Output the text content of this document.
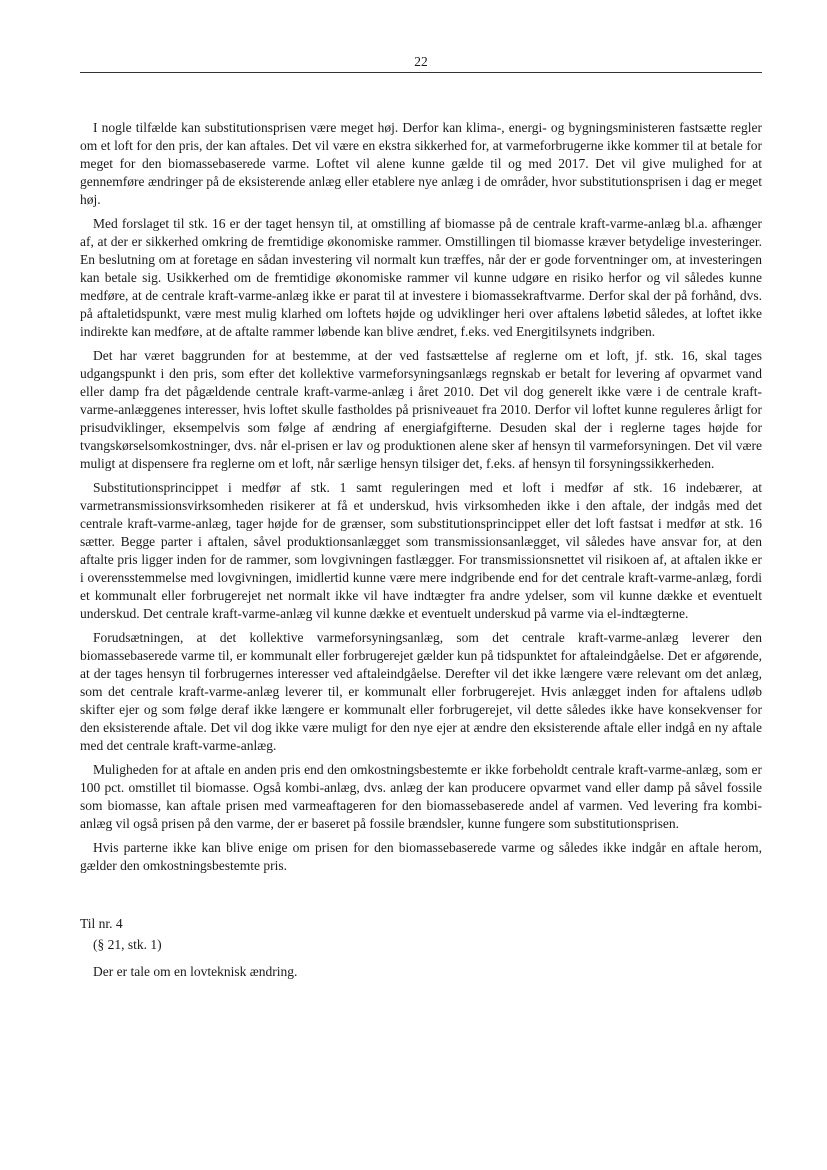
22

I nogle tilfælde kan substitutionsprisen være meget høj. Derfor kan klima-, energi- og bygningsministeren fastsætte regler om et loft for den pris, der kan aftales. Det vil være en ekstra sikkerhed for, at varmeforbrugerne ikke kommer til at betale for meget for den biomassebaserede varme. Loftet vil alene kunne gælde til og med 2017. Det vil give mulighed for at gennemføre ændringer på de eksisterende anlæg eller etablere nye anlæg i de områder, hvor substitutionsprisen i dag er meget høj.

Med forslaget til stk. 16 er der taget hensyn til, at omstilling af biomasse på de centrale kraft-varme-anlæg bl.a. afhænger af, at der er sikkerhed omkring de fremtidige økonomiske rammer. Omstillingen til biomasse kræver betydelige investeringer. En beslutning om at foretage en sådan investering vil normalt kun træffes, når der er gode forventninger om, at investeringen kan betale sig. Usikkerhed om de fremtidige økonomiske rammer vil kunne udgøre en risiko herfor og vil således kunne medføre, at de centrale kraft-varme-anlæg ikke er parat til at investere i biomassekraftvarme. Derfor skal der på forhånd, dvs. på aftaletidspunkt, være mest mulig klarhed om loftets højde og udviklinger heri over aftalens løbetid således, at loftet ikke indirekte kan medføre, at de aftalte rammer løbende kan blive ændret, f.eks. ved Energitilsynets indgriben.

Det har været baggrunden for at bestemme, at der ved fastsættelse af reglerne om et loft, jf. stk. 16, skal tages udgangspunkt i den pris, som efter det kollektive varmeforsyningsanlægs regnskab er betalt for levering af opvarmet vand eller damp fra det pågældende centrale kraft-varme-anlæg i året 2010. Det vil dog generelt ikke være i de centrale kraft-varme-anlæggenes interesser, hvis loftet skulle fastholdes på prisniveauet fra 2010. Derfor vil loftet kunne reguleres årligt for prisudviklinger, eksempelvis som følge af ændring af energiafgifterne. Desuden skal der i reglerne tages højde for tvangskørselsomkostninger, dvs. når el-prisen er lav og produktionen alene sker af hensyn til varmeforsyningen. Det vil være muligt at dispensere fra reglerne om et loft, når særlige hensyn tilsiger det, f.eks. af hensyn til forsyningssikkerheden.

Substitutionsprincippet i medfør af stk. 1 samt reguleringen med et loft i medfør af stk. 16 indebærer, at varmetransmissionsvirksomheden risikerer at få et underskud, hvis virksomheden ikke i den aftale, der indgås med det centrale kraft-varme-anlæg, tager højde for de grænser, som substitutionsprincippet eller det loft fastsat i medfør at stk. 16 sætter. Begge parter i aftalen, såvel produktionsanlægget som transmissionsanlægget, vil således have ansvar for, at den aftalte pris ligger inden for de rammer, som lovgivningen fastlægger. For transmissionsnettet vil risikoen af, at aftalen ikke er i overensstemmelse med lovgivningen, imidlertid kunne være mere indgribende end for det centrale kraft-varme-anlæg, fordi et kommunalt eller forbrugerejet net normalt ikke vil have indtægter fra andre ydelser, som vil kunne dække et eventuelt underskud. Det centrale kraft-varme-anlæg vil kunne dække et eventuelt underskud på varme via el-indtægterne.

Forudsætningen, at det kollektive varmeforsyningsanlæg, som det centrale kraft-varme-anlæg leverer den biomassebaserede varme til, er kommunalt eller forbrugerejet gælder kun på tidspunktet for aftaleindgåelse. Det er afgørende, at der tages hensyn til forbrugernes interesser ved aftaleindgåelse. Derefter vil det ikke længere være relevant om det anlæg, som det centrale kraft-varme-anlæg leverer til, er kommunalt eller forbrugerejet. Hvis anlægget inden for aftalens udløb skifter ejer og som følge deraf ikke længere er kommunalt eller forbrugerejet, vil dette således ikke have konsekvenser for den eksisterende aftale. Det vil dog ikke være muligt for den nye ejer at ændre den eksisterende aftale eller indgå en ny aftale med det centrale kraft-varme-anlæg.

Muligheden for at aftale en anden pris end den omkostningsbestemte er ikke forbeholdt centrale kraft-varme-anlæg, som er 100 pct. omstillet til biomasse. Også kombi-anlæg, dvs. anlæg der kan producere opvarmet vand eller damp på såvel fossile som biomasse, kan aftale prisen med varmeaftageren for den biomassebaserede andel af varmen. Ved levering fra kombi-anlæg vil også prisen på den varme, der er baseret på fossile brændsler, kunne fungere som substitutionsprisen.

Hvis parterne ikke kan blive enige om prisen for den biomassebaserede varme og således ikke indgår en aftale herom, gælder den omkostningsbestemte pris.

Til nr. 4

(§ 21, stk. 1)

Der er tale om en lovteknisk ændring.
